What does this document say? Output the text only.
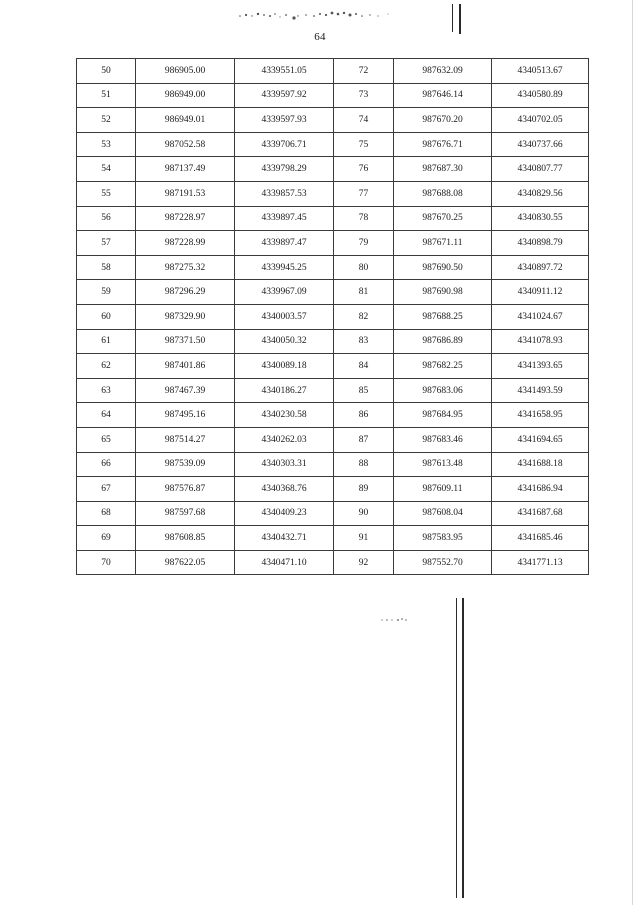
64
50	986905.00	4339551.05	72	987632.09	4340513.67
51	986949.00	4339597.92	73	987646.14	4340580.89
52	986949.01	4339597.93	74	987670.20	4340702.05
53	987052.58	4339706.71	75	987676.71	4340737.66
54	987137.49	4339798.29	76	987687.30	4340807.77
55	987191.53	4339857.53	77	987688.08	4340829.56
56	987228.97	4339897.45	78	987670.25	4340830.55
57	987228.99	4339897.47	79	987671.11	4340898.79
58	987275.32	4339945.25	80	987690.50	4340897.72
59	987296.29	4339967.09	81	987690.98	4340911.12
60	987329.90	4340003.57	82	987688.25	4341024.67
61	987371.50	4340050.32	83	987686.89	4341078.93
62	987401.86	4340089.18	84	987682.25	4341393.65
63	987467.39	4340186.27	85	987683.06	4341493.59
64	987495.16	4340230.58	86	987684.95	4341658.95
65	987514.27	4340262.03	87	987683.46	4341694.65
66	987539.09	4340303.31	88	987613.48	4341688.18
67	987576.87	4340368.76	89	987609.11	4341686.94
68	987597.68	4340409.23	90	987608.04	4341687.68
69	987608.85	4340432.71	91	987583.95	4341685.46
70	987622.05	4340471.10	92	987552.70	4341771.13
